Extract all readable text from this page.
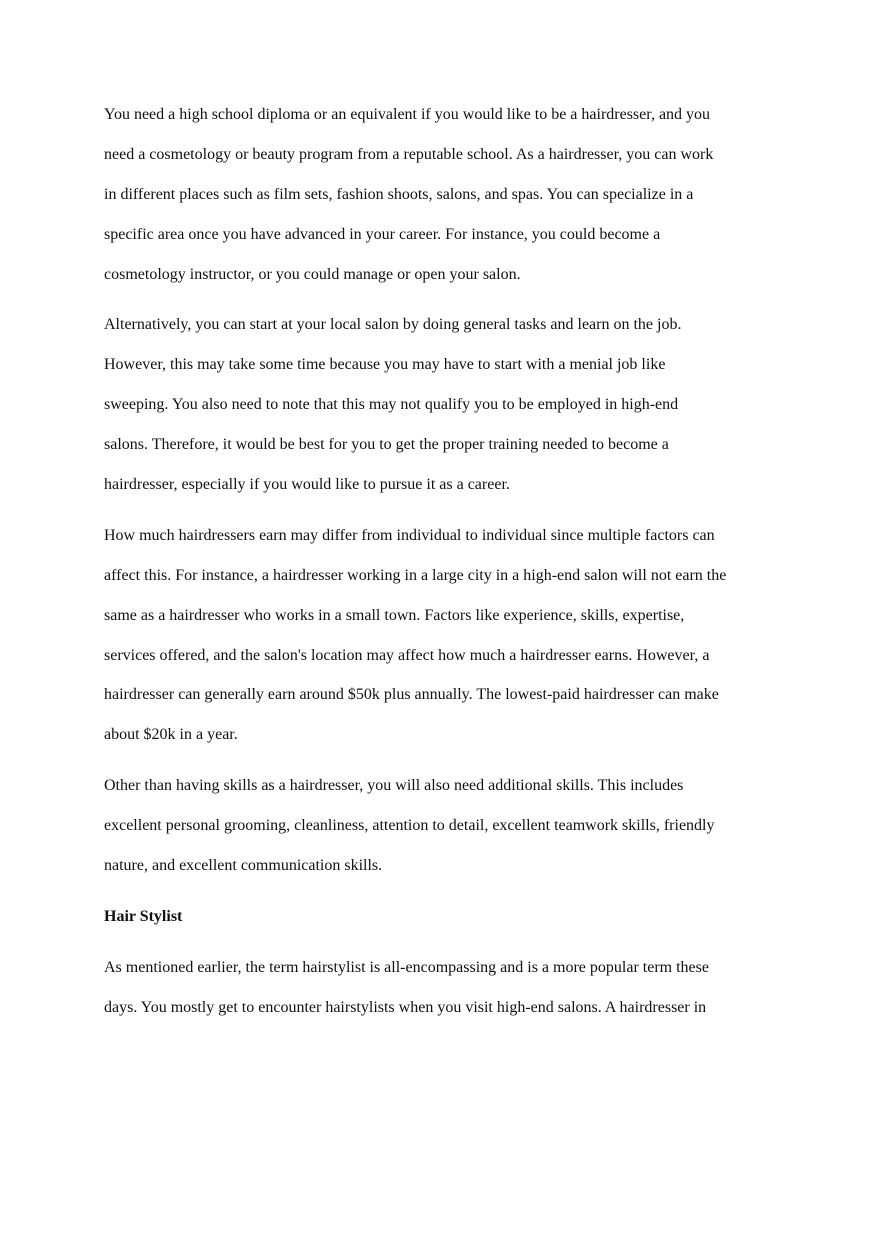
You need a high school diploma or an equivalent if you would like to be a hairdresser, and you
need a cosmetology or beauty program from a reputable school. As a hairdresser, you can work
in different places such as film sets, fashion shoots, salons, and spas. You can specialize in a
specific area once you have advanced in your career. For instance, you could become a
cosmetology instructor, or you could manage or open your salon.
Alternatively, you can start at your local salon by doing general tasks and learn on the job.
However, this may take some time because you may have to start with a menial job like
sweeping. You also need to note that this may not qualify you to be employed in high-end
salons. Therefore, it would be best for you to get the proper training needed to become a
hairdresser, especially if you would like to pursue it as a career.
How much hairdressers earn may differ from individual to individual since multiple factors can
affect this. For instance, a hairdresser working in a large city in a high-end salon will not earn the
same as a hairdresser who works in a small town. Factors like experience, skills, expertise,
services offered, and the salon's location may affect how much a hairdresser earns. However, a
hairdresser can generally earn around $50k plus annually. The lowest-paid hairdresser can make
about $20k in a year.
Other than having skills as a hairdresser, you will also need additional skills. This includes
excellent personal grooming, cleanliness, attention to detail, excellent teamwork skills, friendly
nature, and excellent communication skills.
Hair Stylist
As mentioned earlier, the term hairstylist is all-encompassing and is a more popular term these
days. You mostly get to encounter hairstylists when you visit high-end salons. A hairdresser in
